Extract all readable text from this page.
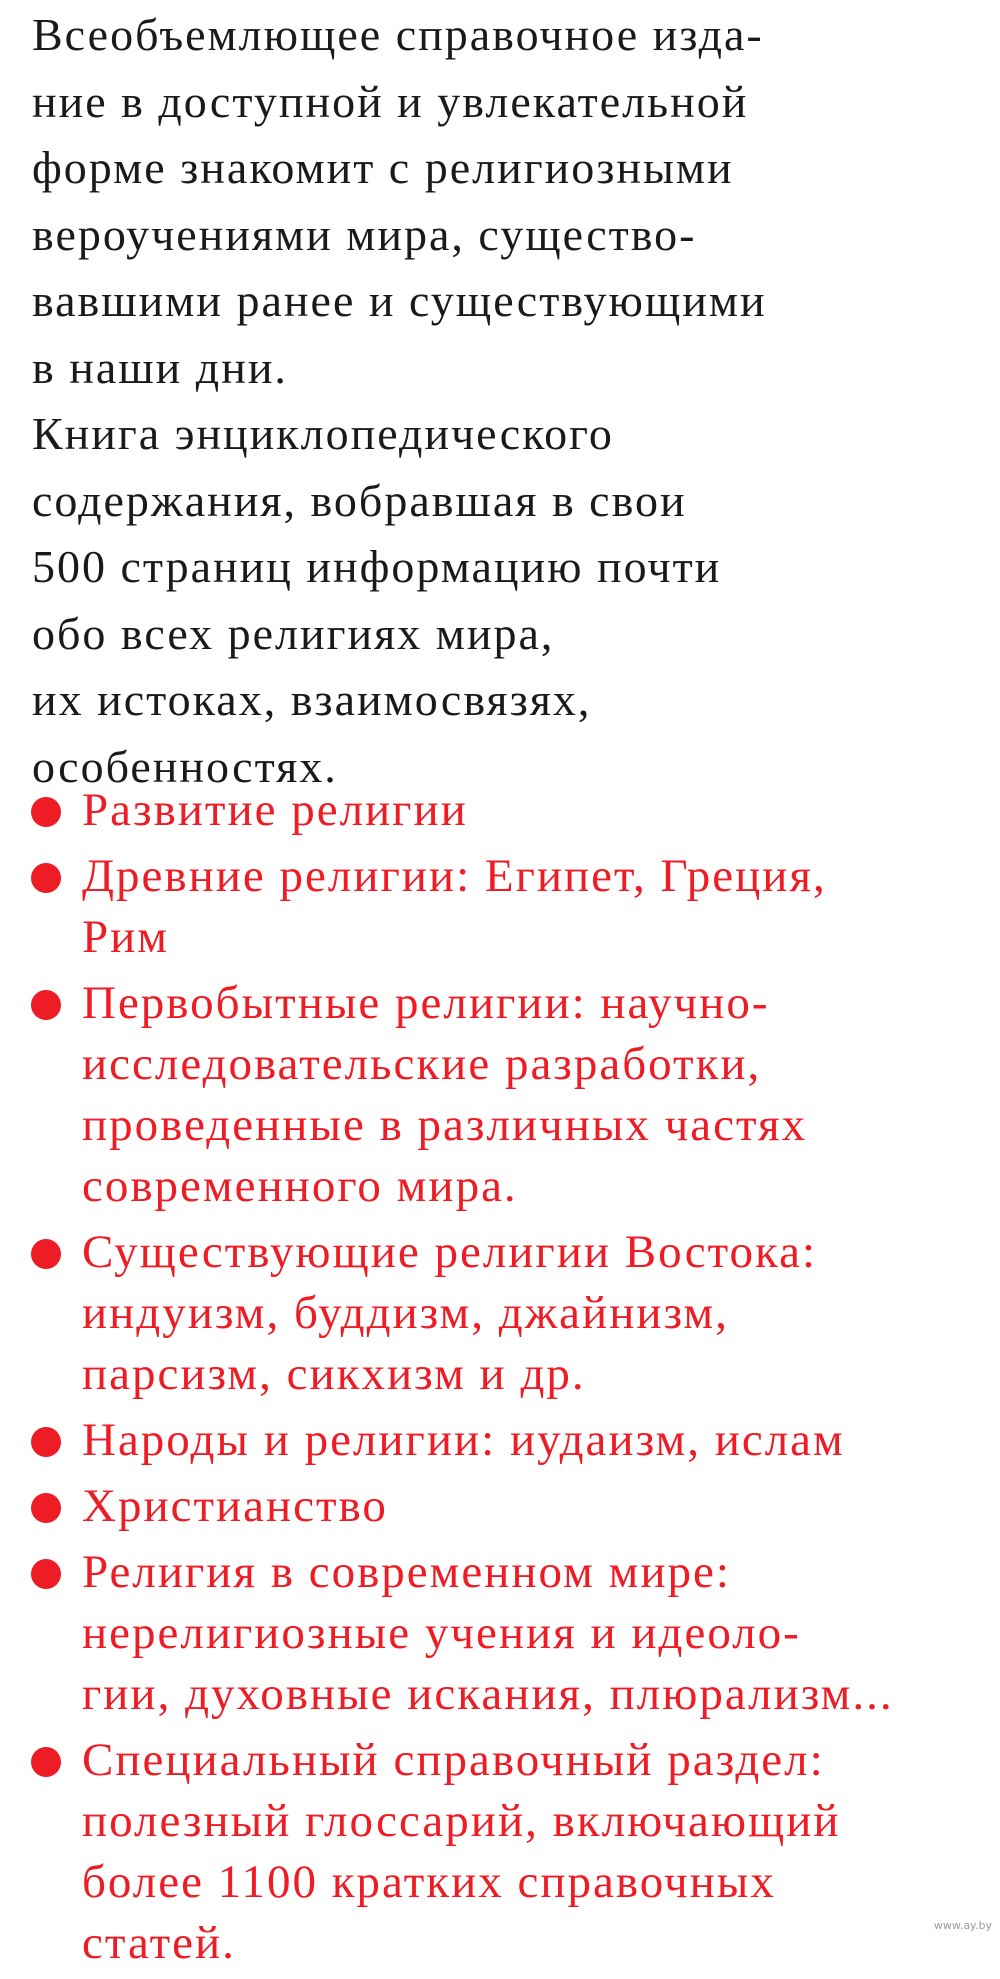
Всеобъемлющее справочное изда-
ние в доступной и увлекательной
форме знакомит с религиозными
вероучениями мира, существо-
вавшими ранее и существующими
в наши дни.
Книга энциклопедического
содержания, вобравшая в свои
500 страниц информацию почти
обо всех религиях мира,
их истоках, взаимосвязях,
особенностях.
Развитие религии
Древние религии: Египет, Греция,
Рим
Первобытные религии: научно-
исследовательские разработки,
проведенные в различных частях
современного мира.
Существующие религии Востока:
индуизм, буддизм, джайнизм,
парсизм, сикхизм и др.
Народы и религии: иудаизм, ислам
Христианство
Религия в современном мире:
нерелигиозные учения и идеоло-
гии, духовные искания, плюрализм...
Специальный справочный раздел:
полезный глоссарий, включающий
более 1100 кратких справочных
статей.	www.ay.by
